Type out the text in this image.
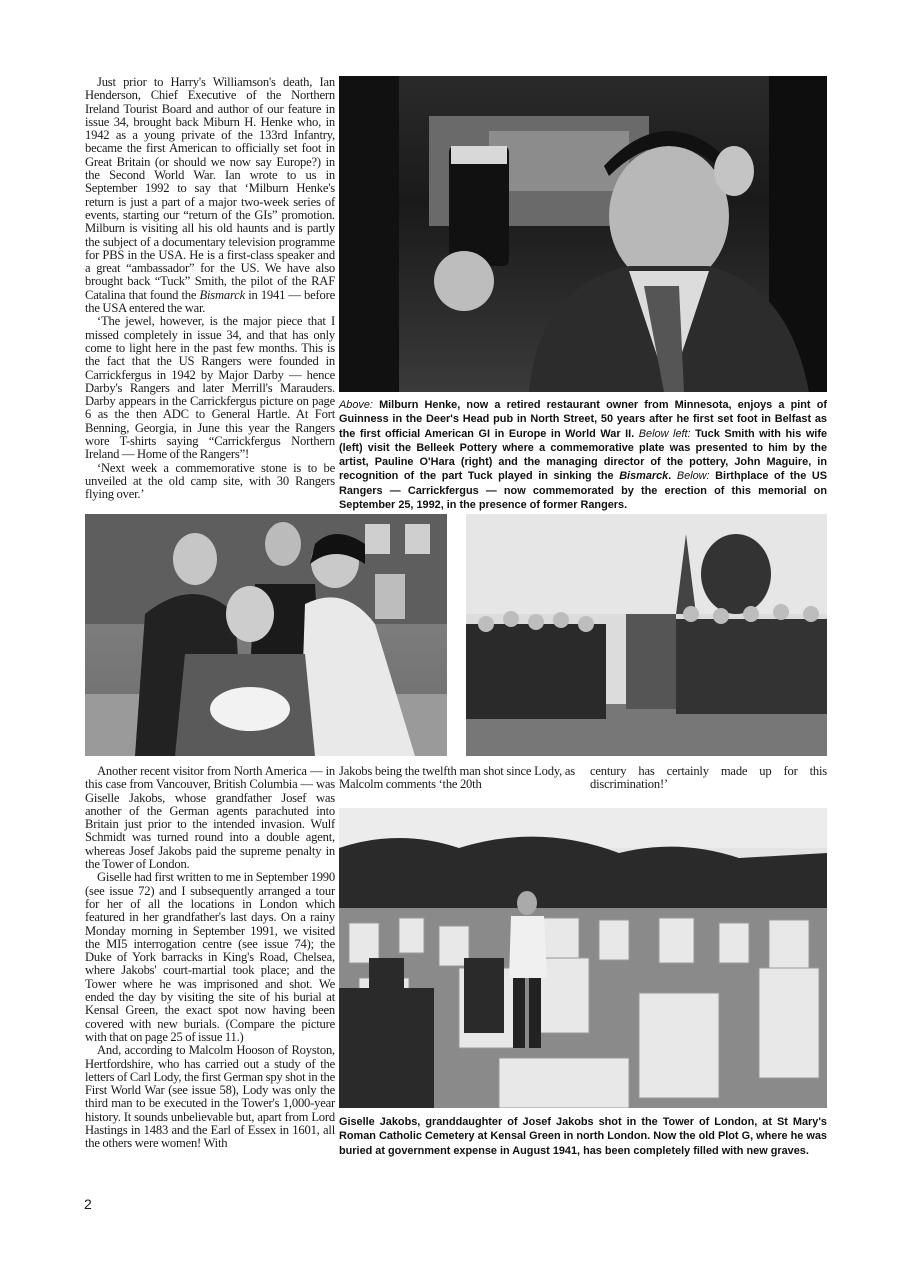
Just prior to Harry's Williamson's death, Ian Henderson, Chief Executive of the Northern Ireland Tourist Board and author of our feature in issue 34, brought back Miburn H. Henke who, in 1942 as a young private of the 133rd Infantry, became the first American to officially set foot in Great Britain (or should we now say Europe?) in the Second World War. Ian wrote to us in September 1992 to say that ‘Milburn Henke's return is just a part of a major two-week series of events, starting our “return of the GIs” promotion. Milburn is visiting all his old haunts and is partly the subject of a documentary television programme for PBS in the USA. He is a first-class speaker and a great “ambassador” for the US. We have also brought back “Tuck” Smith, the pilot of the RAF Catalina that found the Bismarck in 1941 — before the USA entered the war.

‘The jewel, however, is the major piece that I missed completely in issue 34, and that has only come to light here in the past few months. This is the fact that the US Rangers were founded in Carrickfergus in 1942 by Major Darby — hence Darby's Rangers and later Merrill's Marauders. Darby appears in the Carrickfergus picture on page 6 as the then ADC to General Hartle. At Fort Benning, Georgia, in June this year the Rangers wore T-shirts saying “Carrickfergus Northern Ireland — Home of the Rangers”!

‘Next week a commemorative stone is to be unveiled at the old camp site, with 30 Rangers flying over.’

Above: Milburn Henke, now a retired restaurant owner from Minnesota, enjoys a pint of Guinness in the Deer's Head pub in North Street, 50 years after he first set foot in Belfast as the first official American GI in Europe in World War II. Below left: Tuck Smith with his wife (left) visit the Belleek Pottery where a commemorative plate was presented to him by the artist, Pauline O'Hara (right) and the managing director of the pottery, John Maguire, in recognition of the part Tuck played in sinking the Bismarck. Below: Birthplace of the US Rangers — Carrickfergus — now commemorated by the erection of this memorial on September 25, 1992, in the presence of former Rangers.

Another recent visitor from North America — in this case from Vancouver, British Columbia — was Giselle Jakobs, whose grandfather Josef was another of the German agents parachuted into Britain just prior to the intended invasion. Wulf Schmidt was turned round into a double agent, whereas Josef Jakobs paid the supreme penalty in the Tower of London.

Giselle had first written to me in September 1990 (see issue 72) and I subsequently arranged a tour for her of all the locations in London which featured in her grandfather's last days. On a rainy Monday morning in September 1991, we visited the MI5 interrogation centre (see issue 74); the Duke of York barracks in King's Road, Chelsea, where Jakobs' court-martial took place; and the Tower where he was imprisoned and shot. We ended the day by visiting the site of his burial at Kensal Green, the exact spot now having been covered with new burials. (Compare the picture with that on page 25 of issue 11.)

And, according to Malcolm Hooson of Royston, Hertfordshire, who has carried out a study of the letters of Carl Lody, the first German spy shot in the First World War (see issue 58), Lody was only the third man to be executed in the Tower's 1,000-year history. It sounds unbelievable but, apart from Lord Hastings in 1483 and the Earl of Essex in 1601, all the others were women! With

Jakobs being the twelfth man shot since Lody, as Malcolm comments ‘the 20th

century has certainly made up for this discrimination!’

Giselle Jakobs, granddaughter of Josef Jakobs shot in the Tower of London, at St Mary's Roman Catholic Cemetery at Kensal Green in north London. Now the old Plot G, where he was buried at government expense in August 1941, has been completely filled with new graves.
2
